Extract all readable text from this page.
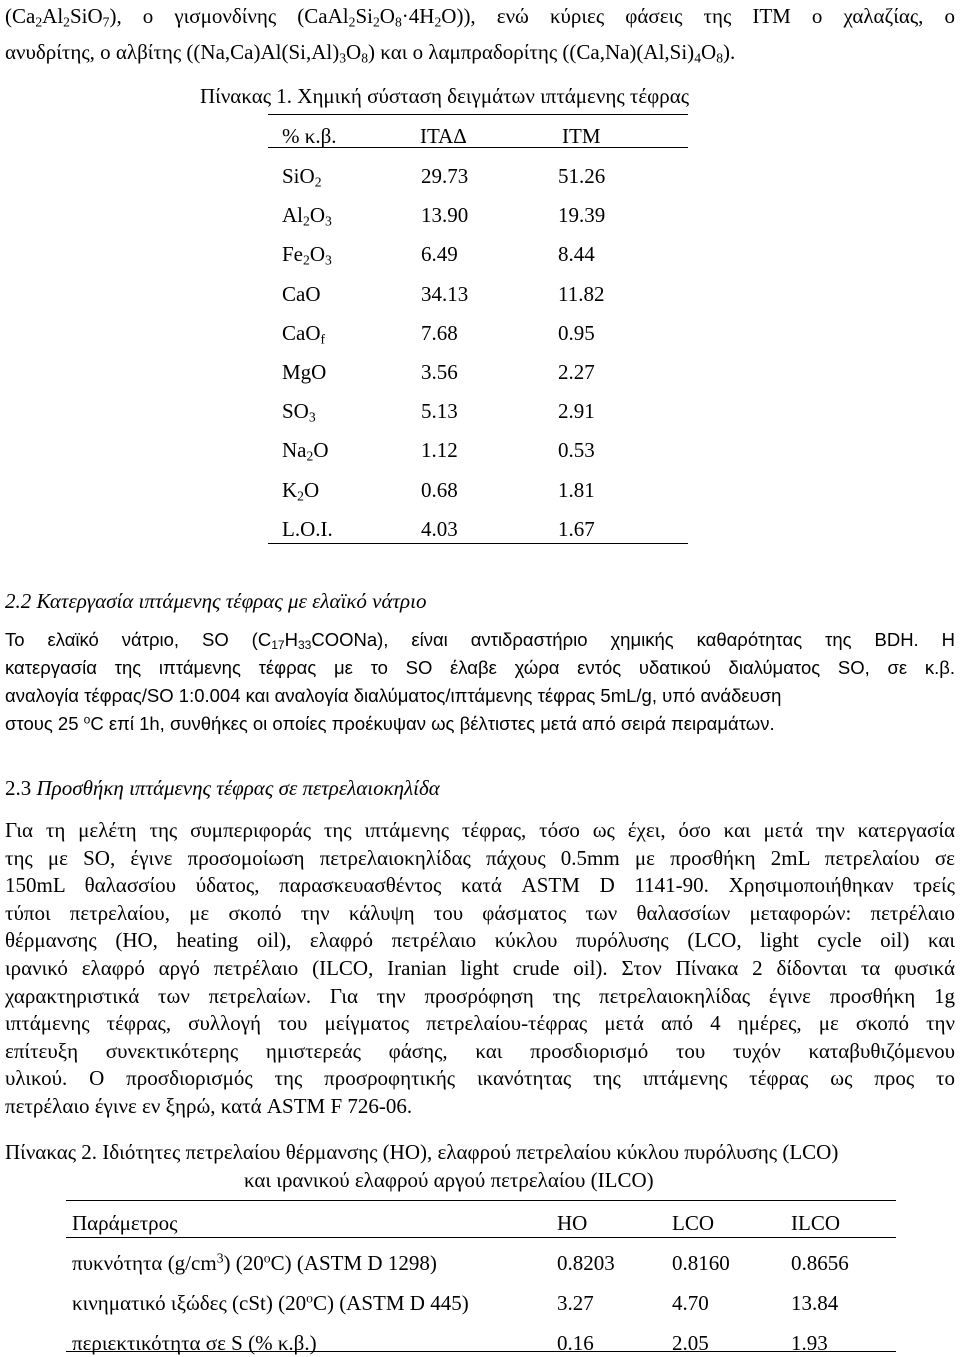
$(Ca_2Al_2SiO_7)$, ο γισμονδίνης $(CaAl_2Si_2O_8\cdot 4H_2O)$), ενώ κύριες φάσεις της ΙΤΜ ο χαλαζίας, ο
ανυδρίτης, ο αλβίτης $((Na,Ca)Al(Si,Al)_3O_8)$ και ο λαμπραδορίτης $((Ca,Na)(Al,Si)_4O_8)$.
Πίνακας 1. Χημική σύσταση δειγμάτων ιπτάμενης τέφρας
% κ.β.	ΙΤΑΔ	ΙΤΜ
SiO$_2$	29.73	51.26
$Al_2O_3$	13.90	19.39
$Fe_2O_3$	6.49	8.44
CaO	34.13	11.82
CaO$_f$	7.68	0.95
MgO	3.56	2.27
$SO_3$	5.13	2.91
$Na_2O$	1.12	0.53
$K_2O$	0.68	1.81
L.O.I.	4.03	1.67
2.2 Κατεργασία ιπτάμενης τέφρας με ελαϊκό νάτριο
Το ελαϊκό νάτριο, SO $(C_{17}H_{33}COONa)$, είναι αντιδραστήριο χημικής καθαρότητας της BDH. Η
κατεργασία της ιπτάμενης τέφρας με το SO έλαβε χώρα εντός υδατικού διαλύματος SO, σε κ.β.
αναλογία τέφρας/SO 1:0.004 και αναλογία διαλύματος/ιπτάμενης τέφρας 5mL/g, υπό ανάδευση
στους 25 $^o$C επί 1h, συνθήκες οι οποίες προέκυψαν ως βέλτιστες μετά από σειρά πειραμάτων.
2.3 Προσθήκη ιπτάμενης τέφρας σε πετρελαιοκηλίδα
Για τη μελέτη της συμπεριφοράς της ιπτάμενης τέφρας, τόσο ως έχει, όσο και μετά την κατεργασία
της με SO, έγινε προσομοίωση πετρελαιοκηλίδας πάχους 0.5mm με προσθήκη 2mL πετρελαίου σε
150mL θαλασσίου ύδατος, παρασκευασθέντος κατά ASTM D 1141-90. Χρησιμοποιήθηκαν τρείς
τύποι πετρελαίου, με σκοπό την κάλυψη του φάσματος των θαλασσίων μεταφορών: πετρέλαιο
θέρμανσης (HO, heating oil), ελαφρό πετρέλαιο κύκλου πυρόλυσης (LCO, light cycle oil) και
ιρανικό ελαφρό αργό πετρέλαιο (ILCO, Iranian light crude oil). Στον Πίνακα 2 δίδονται τα φυσικά
χαρακτηριστικά των πετρελαίων. Για την προσρόφηση της πετρελαιοκηλίδας έγινε προσθήκη 1g
ιπτάμενης τέφρας, συλλογή του μείγματος πετρελαίου-τέφρας μετά από 4 ημέρες, με σκοπό την
επίτευξη συνεκτικότερης ημιστερεάς φάσης, και προσδιορισμό του τυχόν καταβυθιζόμενου
υλικού. Ο προσδιορισμός της προσροφητικής ικανότητας της ιπτάμενης τέφρας ως προς το
πετρέλαιο έγινε εν ξηρώ, κατά ASTM F 726-06.
Πίνακας 2. Ιδιότητες πετρελαίου θέρμανσης (HO), ελαφρού πετρελαίου κύκλου πυρόλυσης (LCO)
και ιρανικού ελαφρού αργού πετρελαίου (ILCO)
Παράμετρος	HO	LCO	ILCO
πυκνότητα $(g/cm^3)$ (20$^o$C) (ASTM D 1298)	0.8203	0.8160	0.8656
κινηματικό ιξώδες (cSt) (20$^o$C) (ASTM D 445)	3.27	4.70	13.84
περιεκτικότητα σε S (% κ.β.)	0.16	2.05	1.93
